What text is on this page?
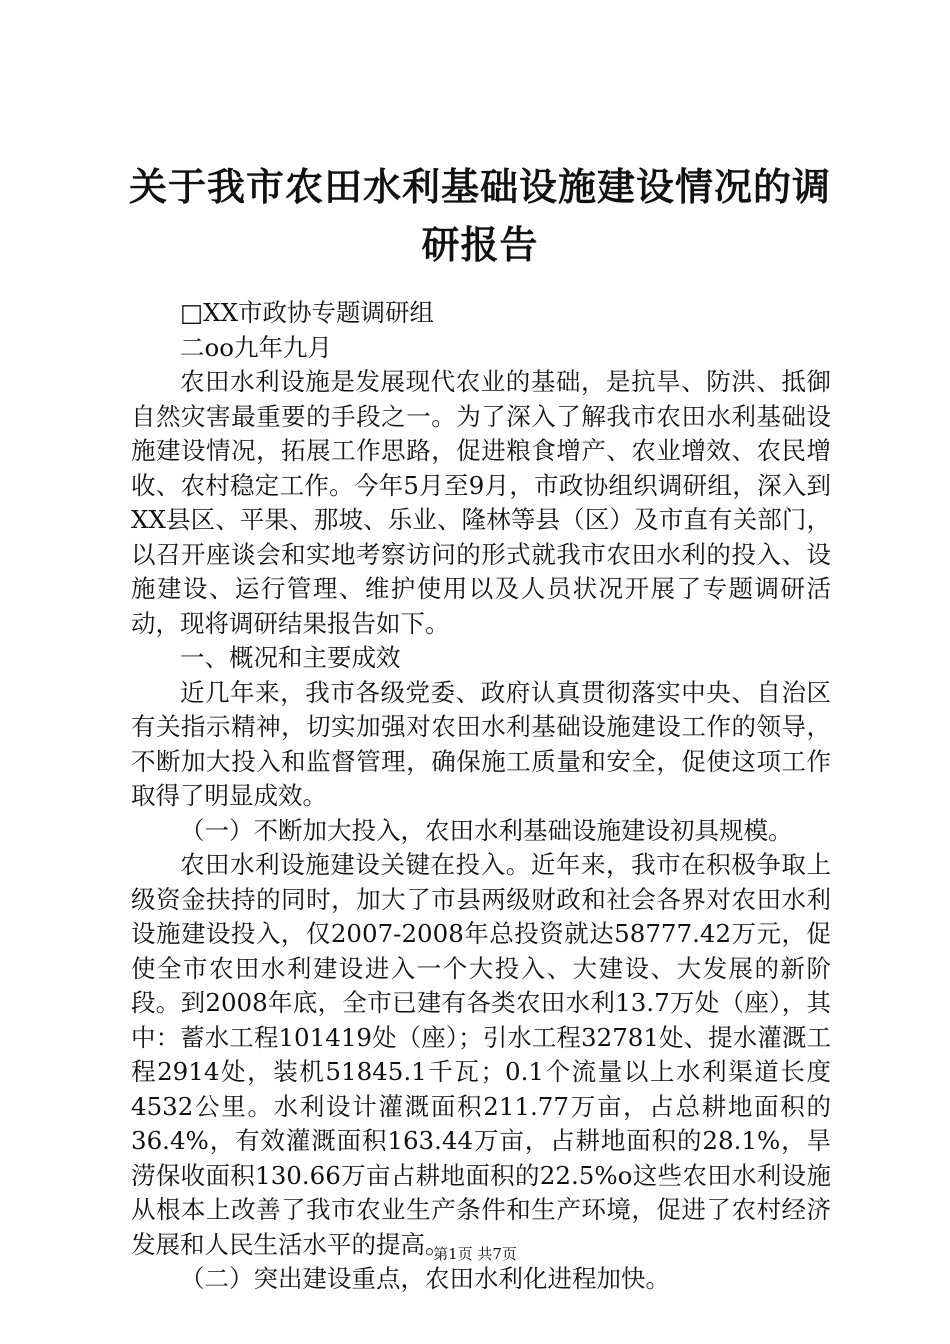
关于我市农田水利基础设施建设情况的调研报告

□XX市政协专题调研组

二oo九年九月

农田水利设施是发展现代农业的基础，是抗旱、防洪、抵御自然灾害最重要的手段之一。为了深入了解我市农田水利基础设施建设情况，拓展工作思路，促进粮食增产、农业增效、农民增收、农村稳定工作。今年5月至9月，市政协组织调研组，深入到XX县区、平果、那坡、乐业、隆林等县（区）及市直有关部门，以召开座谈会和实地考察访问的形式就我市农田水利的投入、设施建设、运行管理、维护使用以及人员状况开展了专题调研活动，现将调研结果报告如下。

一、概况和主要成效

近几年来，我市各级党委、政府认真贯彻落实中央、自治区有关指示精神，切实加强对农田水利基础设施建设工作的领导，不断加大投入和监督管理，确保施工质量和安全，促使这项工作取得了明显成效。

（一）不断加大投入，农田水利基础设施建设初具规模。

农田水利设施建设关键在投入。近年来，我市在积极争取上级资金扶持的同时，加大了市县两级财政和社会各界对农田水利设施建设投入，仅2007-2008年总投资就达58777.42万元，促使全市农田水利建设进入一个大投入、大建设、大发展的新阶段。到2008年底，全市已建有各类农田水利13.7万处（座），其中：蓄水工程101419处（座）；引水工程32781处、提水灌溉工程2914处，装机51845.1千瓦；0.1个流量以上水利渠道长度4532公里。水利设计灌溉面积211.77万亩，占总耕地面积的36.4%，有效灌溉面积163.44万亩，占耕地面积的28.1%，旱涝保收面积130.66万亩占耕地面积的22.5%o这些农田水利设施从根本上改善了我市农业生产条件和生产环境，促进了农村经济发展和人民生活水平的提高。

（二）突出建设重点，农田水利化进程加快。

第1页 共7页
